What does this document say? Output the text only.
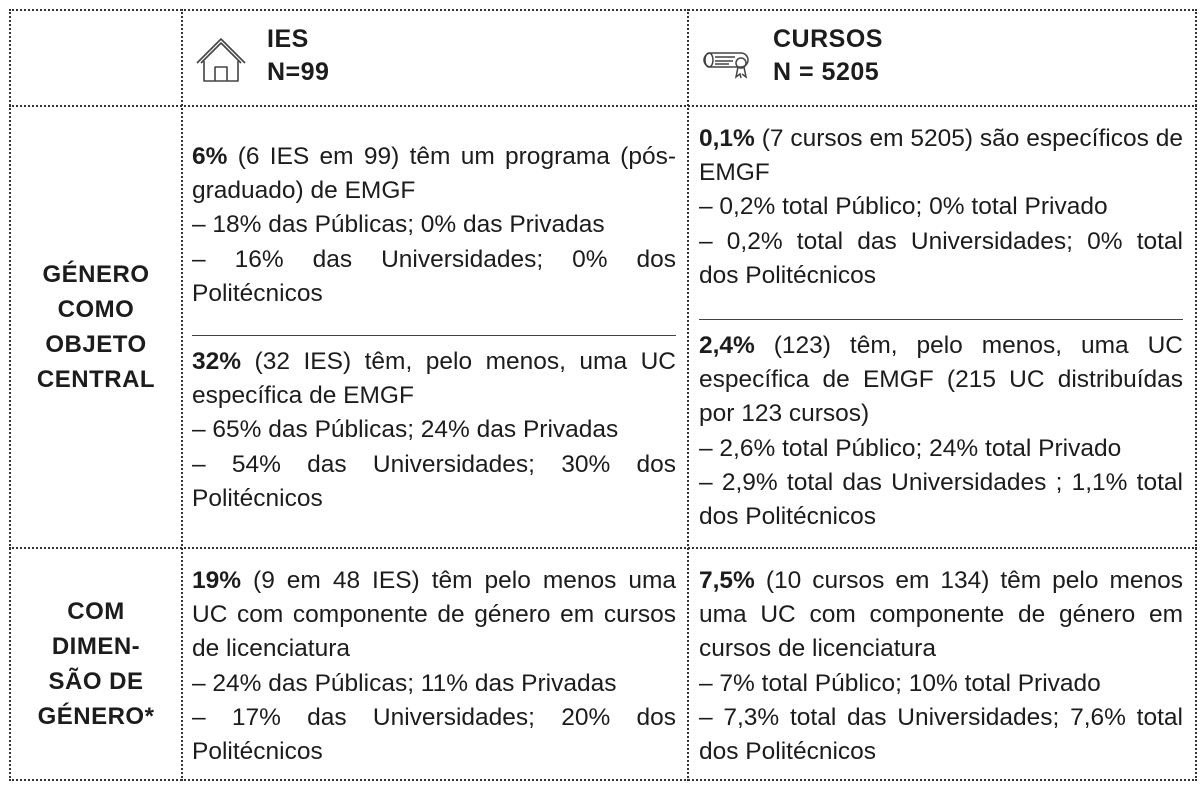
IES
N=99
CURSOS
N = 5205
GÉNERO
COMO
OBJETO
CENTRAL

6% (6 IES em 99) têm um programa (pós-graduado) de EMGF

– 18% das Públicas; 0% das Privadas

– 16% das Universidades; 0% dos Politécnicos

32% (32 IES) têm, pelo menos, uma UC específica de EMGF

– 65% das Públicas; 24% das Privadas

– 54% das Universidades; 30% dos Politécnicos

0,1% (7 cursos em 5205) são específicos de EMGF

– 0,2% total Público; 0% total Privado

– 0,2% total das Universidades; 0% total dos Politécnicos

2,4% (123) têm, pelo menos, uma UC específica de EMGF (215 UC distribuídas por 123 cursos)

– 2,6% total Público; 24% total Privado

– 2,9% total das Universidades ; 1,1% total dos Politécnicos

COM
DIMEN-
SÃO DE
GÉNERO*

19% (9 em 48 IES) têm pelo menos uma UC com componente de género em cursos de licenciatura

– 24% das Públicas; 11% das Privadas

– 17% das Universidades; 20% dos Politécnicos

7,5% (10 cursos em 134) têm pelo menos uma UC com componente de género em cursos de licenciatura

– 7% total Público; 10% total Privado

– 7,3% total das Universidades; 7,6% total dos Politécnicos
